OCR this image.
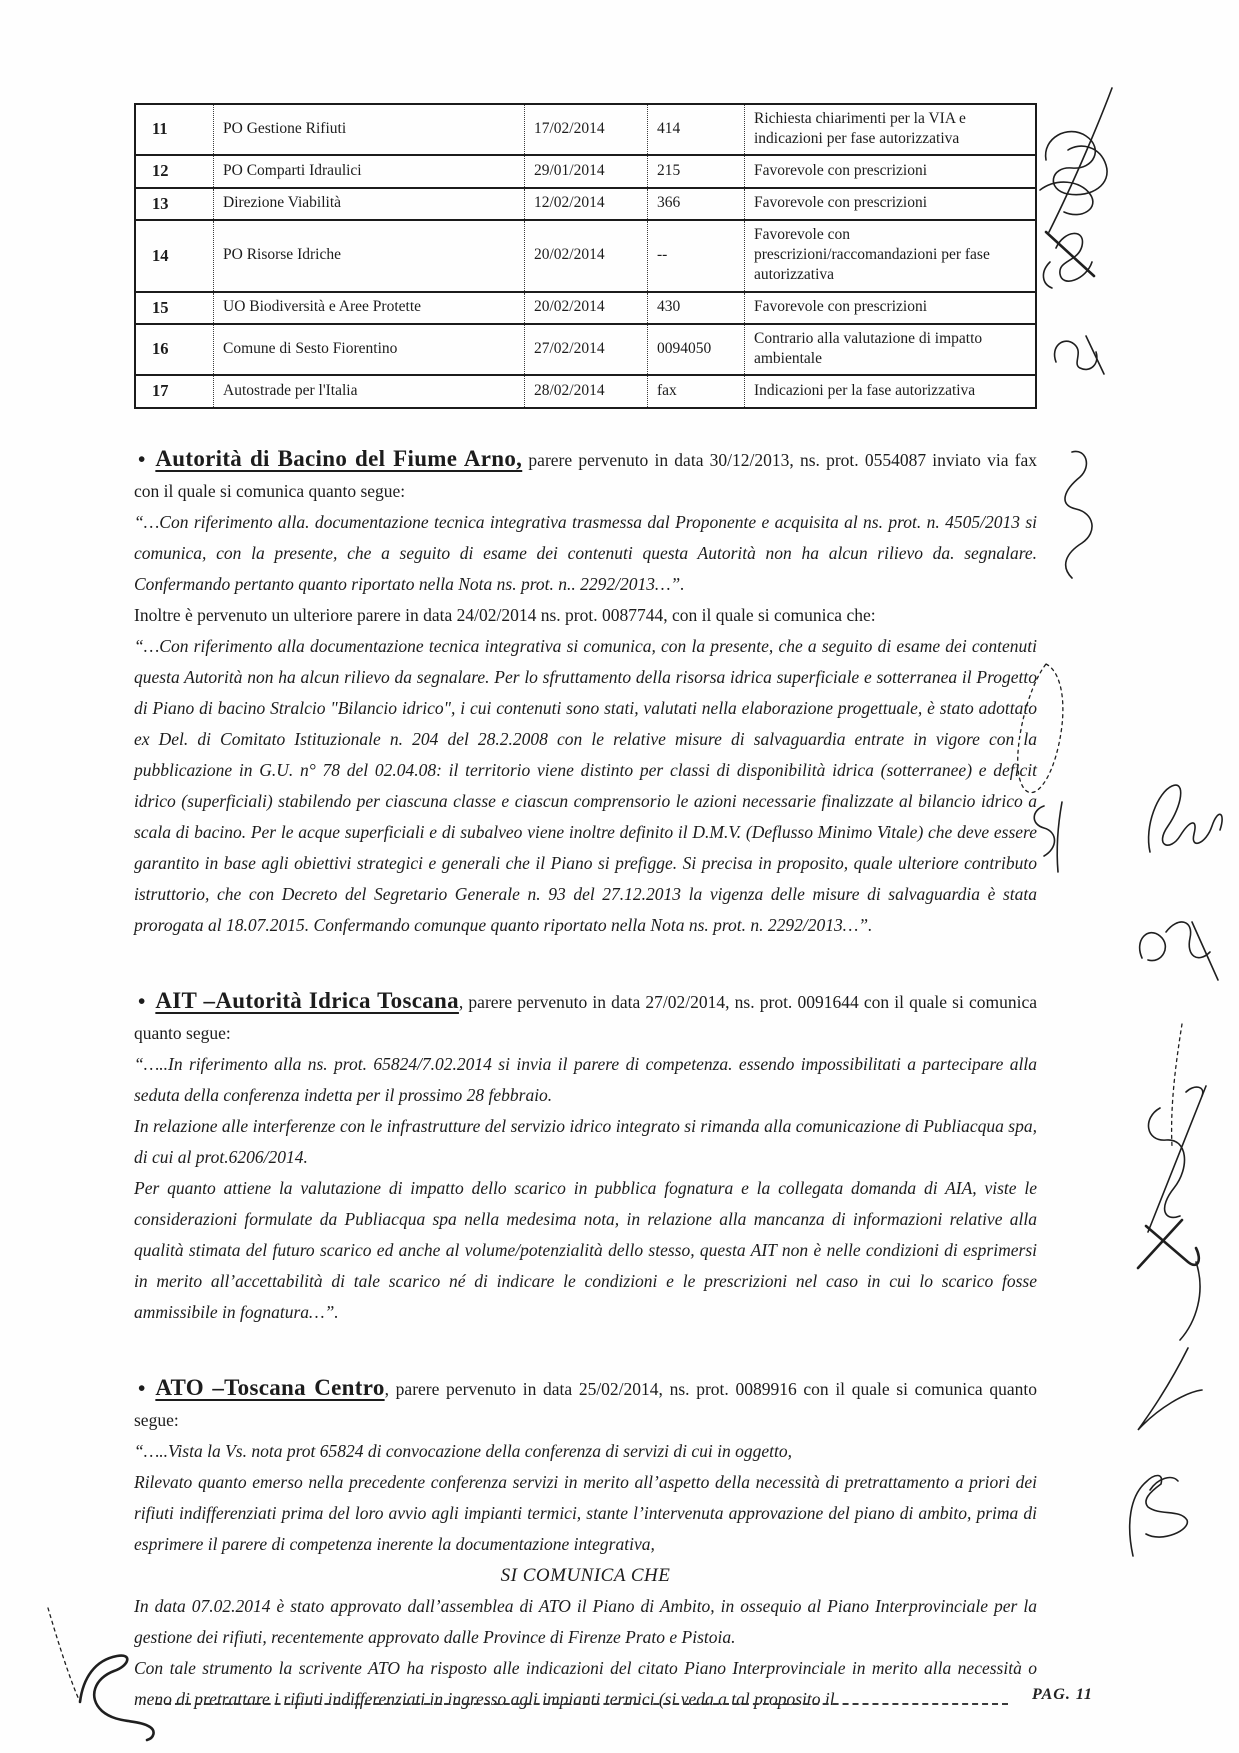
11	PO Gestione Rifiuti	17/02/2014	414	Richiesta chiarimenti per la VIA e indicazioni per fase autorizzativa
12	PO Comparti Idraulici	29/01/2014	215	Favorevole con prescrizioni
13	Direzione Viabilità	12/02/2014	366	Favorevole con prescrizioni
14	PO Risorse Idriche	20/02/2014	--	Favorevole con prescrizioni/raccomandazioni per fase autorizzativa
15	UO Biodiversità e Aree Protette	20/02/2014	430	Favorevole con prescrizioni
16	Comune di Sesto Fiorentino	27/02/2014	0094050	Contrario alla valutazione di impatto ambientale
17	Autostrade per l'Italia	28/02/2014	fax	Indicazioni per la fase autorizzativa

• Autorità di Bacino del Fiume Arno, parere pervenuto in data 30/12/2013, ns. prot. 0554087 inviato via fax con il quale si comunica quanto segue:

“…Con riferimento alla. documentazione tecnica integrativa trasmessa dal Proponente e acquisita al ns. prot. n. 4505/2013 si comunica, con la presente, che a seguito di esame dei contenuti questa Autorità non ha alcun rilievo da. segnalare. Confermando pertanto quanto riportato nella Nota ns. prot. n.. 2292/2013…”.

Inoltre è pervenuto un ulteriore parere in data 24/02/2014 ns. prot. 0087744, con il quale si comunica che:

“…Con riferimento alla documentazione tecnica integrativa si comunica, con la presente, che a seguito di esame dei contenuti questa Autorità non ha alcun rilievo da segnalare. Per lo sfruttamento della risorsa idrica superficiale e sotterranea il Progetto di Piano di bacino Stralcio "Bilancio idrico", i cui contenuti sono stati, valutati nella elaborazione progettuale, è stato adottato ex Del. di Comitato Istituzionale n. 204 del 28.2.2008 con le relative misure di salvaguardia entrate in vigore con la pubblicazione in G.U. n° 78 del 02.04.08: il territorio viene distinto per classi di disponibilità idrica (sotterranee) e deficit idrico (superficiali) stabilendo per ciascuna classe e ciascun comprensorio le azioni necessarie finalizzate al bilancio idrico a scala di bacino. Per le acque superficiali e di subalveo viene inoltre definito il D.M.V. (Deflusso Minimo Vitale) che deve essere garantito in base agli obiettivi strategici e generali che il Piano si prefigge. Si precisa in proposito, quale ulteriore contributo istruttorio, che con Decreto del Segretario Generale n. 93 del 27.12.2013 la vigenza delle misure di salvaguardia è stata prorogata al 18.07.2015. Confermando comunque quanto riportato nella Nota ns. prot. n. 2292/2013…”.

• AIT –Autorità Idrica Toscana, parere pervenuto in data 27/02/2014, ns. prot. 0091644 con il quale si comunica quanto segue:

“…..In riferimento alla ns. prot. 65824/7.02.2014 si invia il parere di competenza. essendo impossibilitati a partecipare alla seduta della conferenza indetta per il prossimo 28 febbraio.

In relazione alle interferenze con le infrastrutture del servizio idrico integrato si rimanda alla comunicazione di Publiacqua spa, di cui al prot.6206/2014.

Per quanto attiene la valutazione di impatto dello scarico in pubblica fognatura e la collegata domanda di AIA, viste le considerazioni formulate da Publiacqua spa nella medesima nota, in relazione alla mancanza di informazioni relative alla qualità stimata del futuro scarico ed anche al volume/potenzialità dello stesso, questa AIT non è nelle condizioni di esprimersi in merito all’accettabilità di tale scarico né di indicare le condizioni e le prescrizioni nel caso in cui lo scarico fosse ammissibile in fognatura…”.

• ATO –Toscana Centro, parere pervenuto in data 25/02/2014, ns. prot. 0089916 con il quale si comunica quanto segue:

“…..Vista la Vs. nota prot 65824 di convocazione della conferenza di servizi di cui in oggetto,

Rilevato quanto emerso nella precedente conferenza servizi in merito all’aspetto della necessità di pretrattamento a priori dei rifiuti indifferenziati prima del loro avvio agli impianti termici, stante l’intervenuta approvazione del piano di ambito, prima di esprimere il parere di competenza inerente la documentazione integrativa,

SI COMUNICA CHE

In data 07.02.2014 è stato approvato dall’assemblea di ATO il Piano di Ambito, in ossequio al Piano Interprovinciale per la gestione dei rifiuti, recentemente approvato dalle Province di Firenze Prato e Pistoia.

Con tale strumento la scrivente ATO ha risposto alle indicazioni del citato Piano Interprovinciale in merito alla necessità o meno di pretrattare i rifiuti indifferenziati in ingresso agli impianti termici (si veda a tal proposito il	PAG. 11
